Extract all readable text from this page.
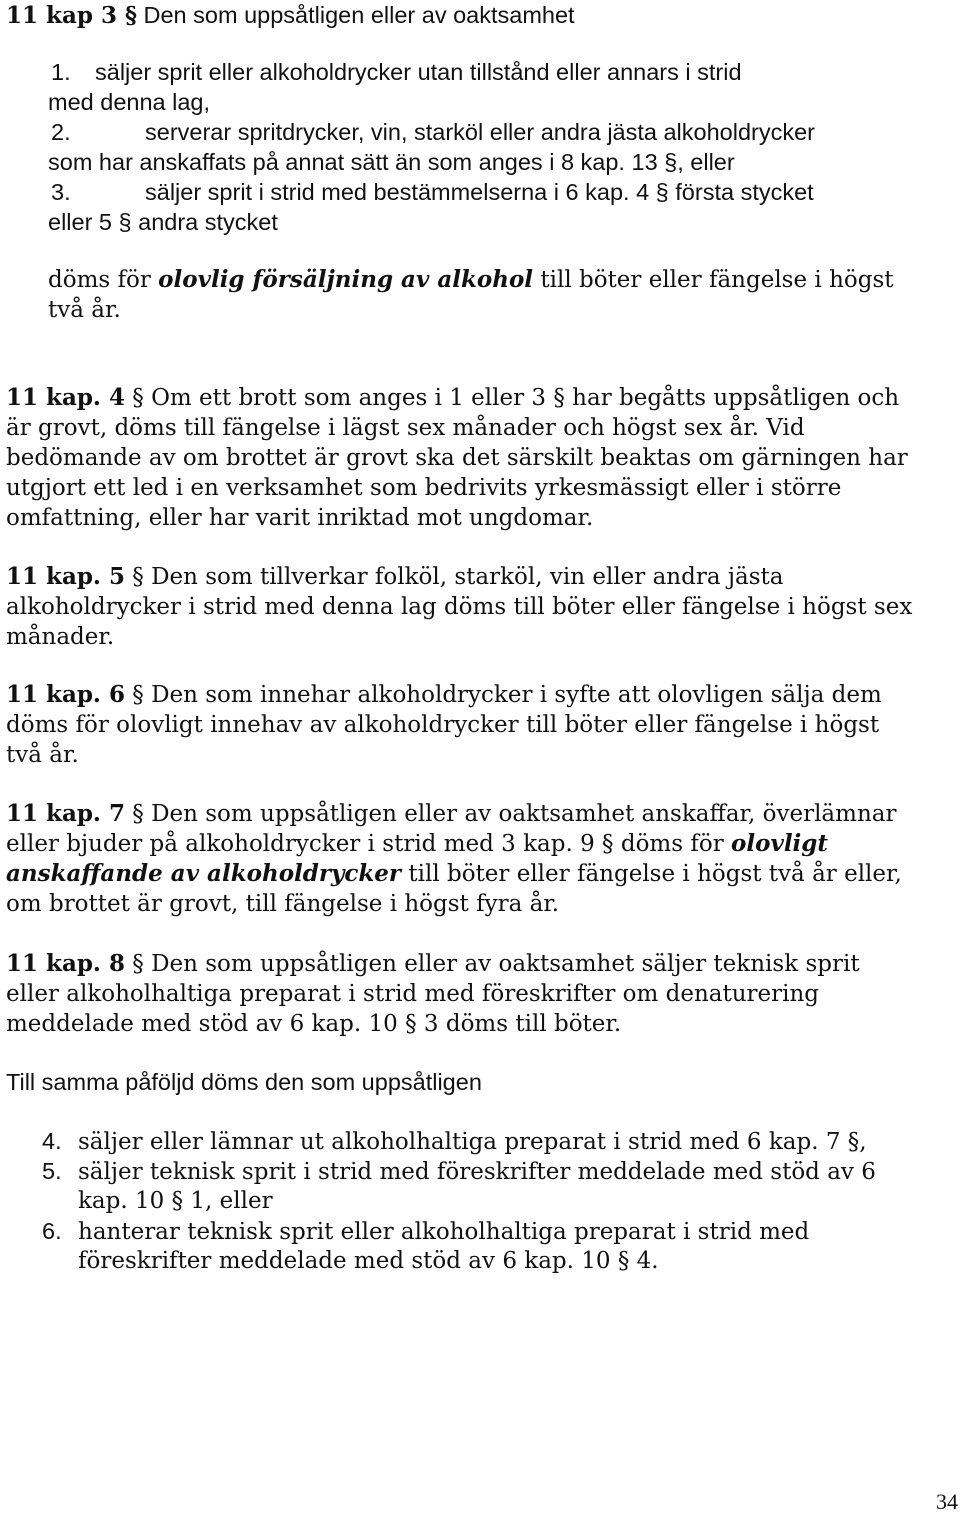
11 kap 3 § Den som uppsåtligen eller av oaktsamhet
1. säljer sprit eller alkoholdrycker utan tillstånd eller annars i strid
med denna lag,
2.	serverar spritdrycker, vin, starköl eller andra jästa alkoholdrycker
som har anskaffats på annat sätt än som anges i 8 kap. 13 §, eller
3.	säljer sprit i strid med bestämmelserna i 6 kap. 4 § första stycket
eller 5 § andra stycket
döms för olovlig försäljning av alkohol till böter eller fängelse i högst
två år.
11 kap. 4 § Om ett brott som anges i 1 eller 3 § har begåtts uppsåtligen och
är grovt, döms till fängelse i lägst sex månader och högst sex år. Vid
bedömande av om brottet är grovt ska det särskilt beaktas om gärningen har
utgjort ett led i en verksamhet som bedrivits yrkesmässigt eller i större
omfattning, eller har varit inriktad mot ungdomar.
11 kap. 5 § Den som tillverkar folköl, starköl, vin eller andra jästa
alkoholdrycker i strid med denna lag döms till böter eller fängelse i högst sex
månader.
11 kap. 6 § Den som innehar alkoholdrycker i syfte att olovligen sälja dem
döms för olovligt innehav av alkoholdrycker till böter eller fängelse i högst
två år.
11 kap. 7 § Den som uppsåtligen eller av oaktsamhet anskaffar, överlämnar
eller bjuder på alkoholdrycker i strid med 3 kap. 9 § döms för olovligt
anskaffande av alkoholdrycker till böter eller fängelse i högst två år eller,
om brottet är grovt, till fängelse i högst fyra år.
11 kap. 8 § Den som uppsåtligen eller av oaktsamhet säljer teknisk sprit
eller alkoholhaltiga preparat i strid med föreskrifter om denaturering
meddelade med stöd av 6 kap. 10 § 3 döms till böter.
Till samma påföljd döms den som uppsåtligen
4. säljer eller lämnar ut alkoholhaltiga preparat i strid med 6 kap. 7 §,
5. säljer teknisk sprit i strid med föreskrifter meddelade med stöd av 6
kap. 10 § 1, eller
6. hanterar teknisk sprit eller alkoholhaltiga preparat i strid med
föreskrifter meddelade med stöd av 6 kap. 10 § 4.
34
